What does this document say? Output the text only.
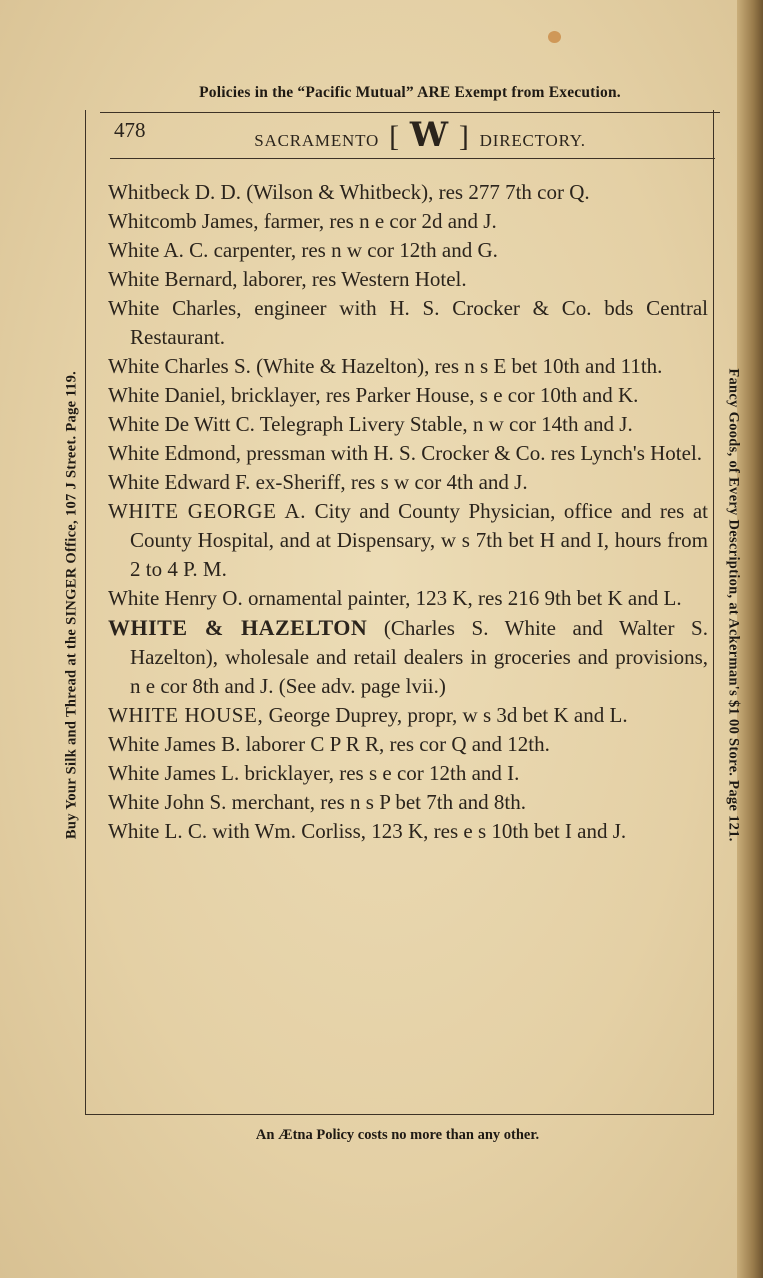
Policies in the “Pacific Mutual” ARE Exempt from Execution.
Buy Your Silk and Thread at the SINGER Office, 107 J Street. Page 119.	Fancy Goods, of Every Description, at Ackerman's $1 00 Store. Page 121.
478	SACRAMENTO [ W ] DIRECTORY.

Whitbeck D. D. (Wilson & Whitbeck), res 277 7th cor Q.

Whitcomb James, farmer, res n e cor 2d and J.

White A. C. carpenter, res n w cor 12th and G.

White Bernard, laborer, res Western Hotel.

White Charles, engineer with H. S. Crocker & Co. bds Central Restaurant.

White Charles S. (White & Hazelton), res n s E bet 10th and 11th.

White Daniel, bricklayer, res Parker House, s e cor 10th and K.

White De Witt C. Telegraph Livery Stable, n w cor 14th and J.

White Edmond, pressman with H. S. Crocker & Co. res Lynch's Hotel.

White Edward F. ex-Sheriff, res s w cor 4th and J.

WHITE GEORGE A. City and County Physician, office and res at County Hospital, and at Dispensary, w s 7th bet H and I, hours from 2 to 4 P. M.

White Henry O. ornamental painter, 123 K, res 216 9th bet K and L.

WHITE & HAZELTON (Charles S. White and Walter S. Hazelton), wholesale and retail dealers in groceries and provisions, n e cor 8th and J. (See adv. page lvii.)

WHITE HOUSE, George Duprey, propr, w s 3d bet K and L.

White James B. laborer C P R R, res cor Q and 12th.

White James L. bricklayer, res s e cor 12th and I.

White John S. merchant, res n s P bet 7th and 8th.

White L. C. with Wm. Corliss, 123 K, res e s 10th bet I and J.

An Ætna Policy costs no more than any other.
